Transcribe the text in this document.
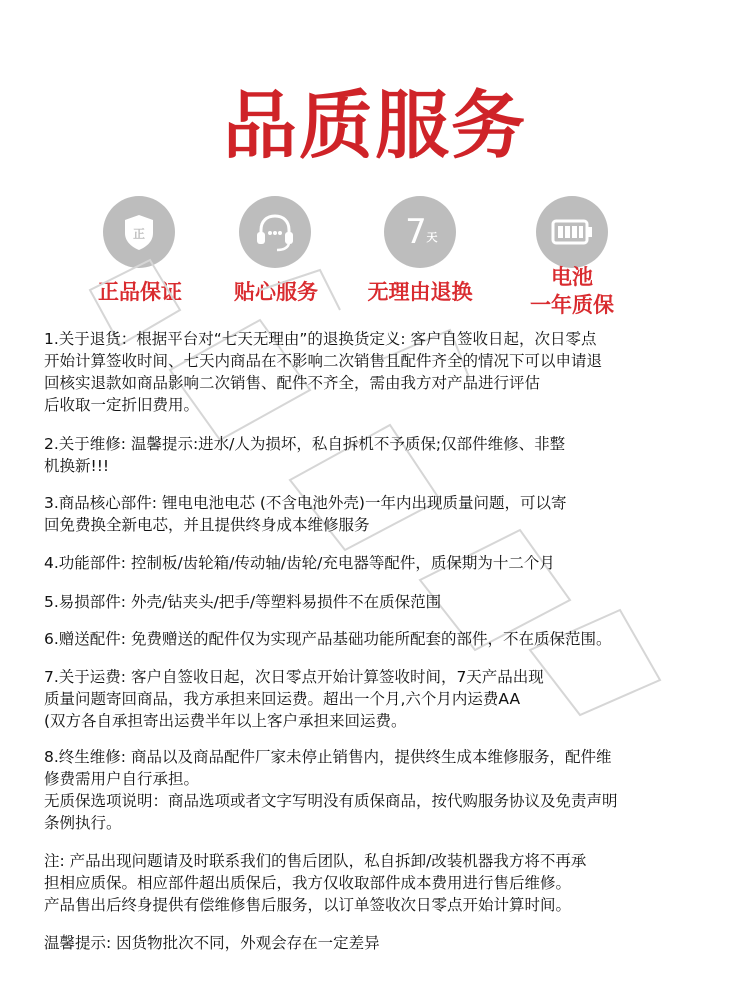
品质服务
正
正品保证	贴心服务
7 天
无理由退换
电池
一年质保
1.关于退货：根据平台对“七天无理由”的退换货定义: 客户自签收日起，次日零点
开始计算签收时间、七天内商品在不影响二次销售且配件齐全的情况下可以申请退
回核实退款如商品影响二次销售、配件不齐全，需由我方对产品进行评估
后收取一定折旧费用。
2.关于维修: 温馨提示:进水/人为损坏，私自拆机不予质保;仅部件维修、非整
机换新!!!
3.商品核心部件: 锂电电池电芯 (不含电池外壳)一年内出现质量问题，可以寄
回免费换全新电芯，并且提供终身成本维修服务
4.功能部件: 控制板/齿轮箱/传动轴/齿轮/充电器等配件，质保期为十二个月
5.易损部件: 外壳/钻夹头/把手/等塑料易损件不在质保范围
6.赠送配件: 免费赠送的配件仅为实现产品基础功能所配套的部件，不在质保范围。
7.关于运费: 客户自签收日起，次日零点开始计算签收时间，7天产品出现
质量问题寄回商品，我方承担来回运费。超出一个月,六个月内运费AA
(双方各自承担寄出运费半年以上客户承担来回运费。
8.终生维修: 商品以及商品配件厂家未停止销售内，提供终生成本维修服务，配件维
修费需用户自行承担。
无质保选项说明：商品选项或者文字写明没有质保商品，按代购服务协议及免责声明
条例执行。
注: 产品出现问题请及时联系我们的售后团队，私自拆卸/改装机器我方将不再承
担相应质保。相应部件超出质保后，我方仅收取部件成本费用进行售后维修。
产品售出后终身提供有偿维修售后服务，以订单签收次日零点开始计算时间。
温馨提示: 因货物批次不同，外观会存在一定差异
